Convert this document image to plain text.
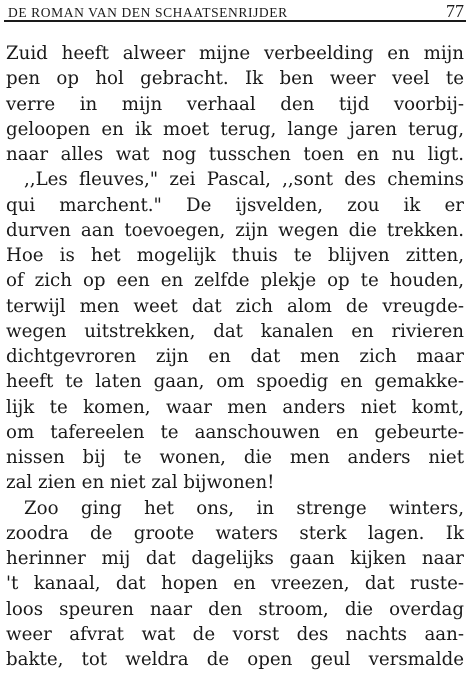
DE ROMAN VAN DEN SCHAATSENRIJDER	77
Zuid heeft alweer mijne verbeelding en mijn
pen op hol gebracht. Ik ben weer veel te
verre in mijn verhaal den tijd voorbij-
geloopen en ik moet terug, lange jaren terug,
naar alles wat nog tusschen toen en nu ligt.
,,Les fleuves," zei Pascal, ,,sont des chemins
qui marchent." De ijsvelden, zou ik er
durven aan toevoegen, zijn wegen die trekken.
Hoe is het mogelijk thuis te blijven zitten,
of zich op een en zelfde plekje op te houden,
terwijl men weet dat zich alom de vreugde-
wegen uitstrekken, dat kanalen en rivieren
dichtgevroren zijn en dat men zich maar
heeft te laten gaan, om spoedig en gemakke-
lijk te komen, waar men anders niet komt,
om tafereelen te aanschouwen en gebeurte-
nissen bij te wonen, die men anders niet
zal zien en niet zal bijwonen!
Zoo ging het ons, in strenge winters,
zoodra de groote waters sterk lagen. Ik
herinner mij dat dagelijks gaan kijken naar
't kanaal, dat hopen en vreezen, dat ruste-
loos speuren naar den stroom, die overdag
weer afvrat wat de vorst des nachts aan-
bakte, tot weldra de open geul versmalde
